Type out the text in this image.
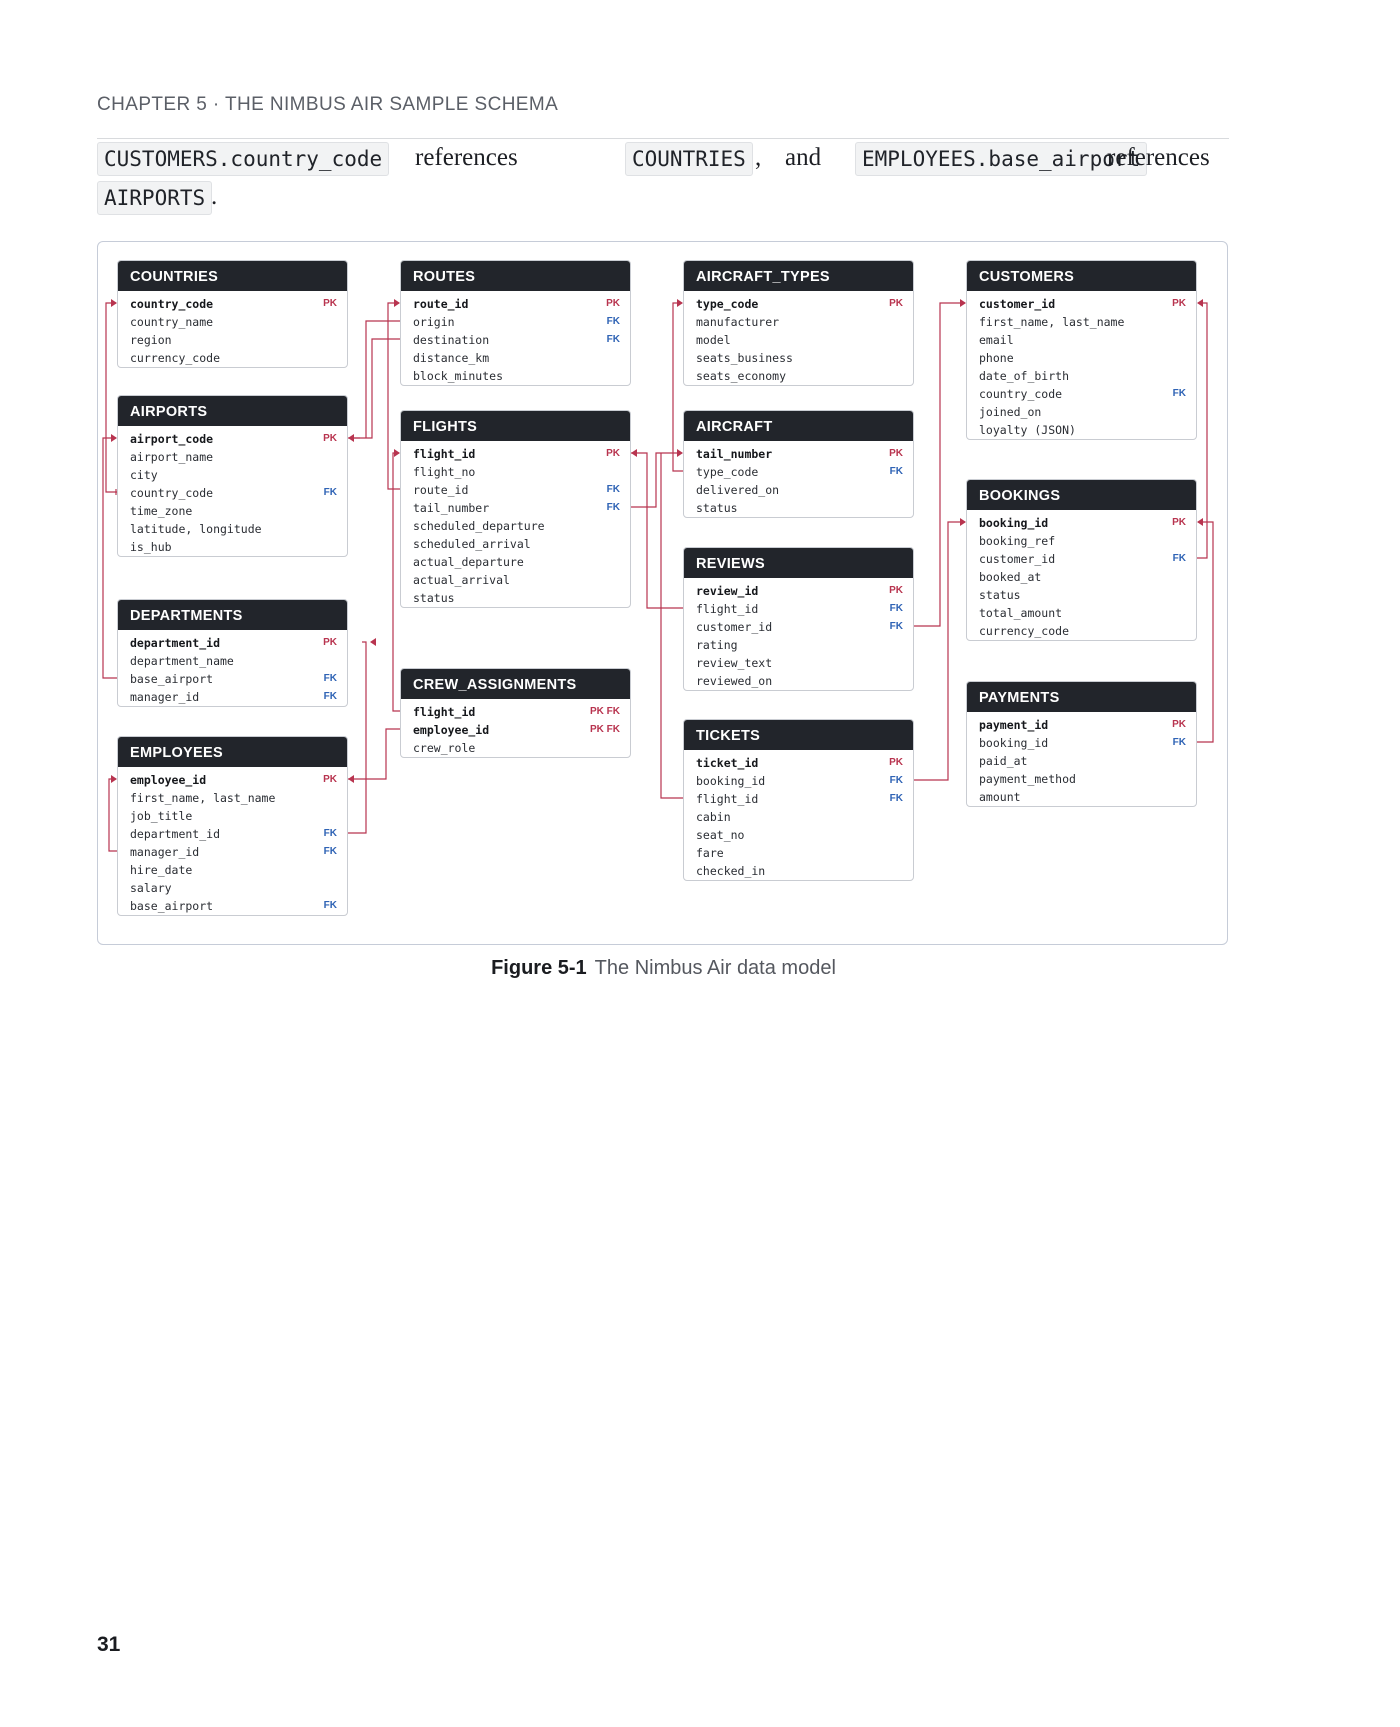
CHAPTER 5 · THE NIMBUS AIR SAMPLE SCHEMA
CUSTOMERS.country_code references	COUNTRIES , and	EMPLOYEES.base_airport
references
AIRPORTS .
COUNTRIES
country_code	PK
country_name
region
currency_code
AIRPORTS
airport_code	PK
airport_name
city
country_code	FK
time_zone
latitude, longitude
is_hub
DEPARTMENTS
department_id	PK
department_name
base_airport	FK
manager_id	FK
EMPLOYEES
employee_id	PK
first_name, last_name
job_title
department_id	FK
manager_id	FK
hire_date
salary
base_airport	FK
ROUTES
route_id	PK
origin	FK
destination	FK
distance_km
block_minutes
FLIGHTS
flight_id	PK
flight_no
route_id	FK
tail_number	FK
scheduled_departure
scheduled_arrival
actual_departure
actual_arrival
status
CREW_ASSIGNMENTS
flight_id	PK FK
employee_id	PK FK
crew_role
AIRCRAFT_TYPES
type_code	PK
manufacturer
model
seats_business
seats_economy
AIRCRAFT
tail_number	PK
type_code	FK
delivered_on
status
REVIEWS
review_id	PK
flight_id	FK
customer_id	FK
rating
review_text
reviewed_on
TICKETS
ticket_id	PK
booking_id	FK
flight_id	FK
cabin
seat_no
fare
checked_in
CUSTOMERS
customer_id	PK
first_name, last_name
email
phone
date_of_birth
country_code	FK
joined_on
loyalty (JSON)
BOOKINGS
booking_id	PK
booking_ref
customer_id	FK
booked_at
status
total_amount
currency_code
PAYMENTS
payment_id	PK
booking_id	FK
paid_at
payment_method
amount
Figure 5-1 The Nimbus Air data model
31
